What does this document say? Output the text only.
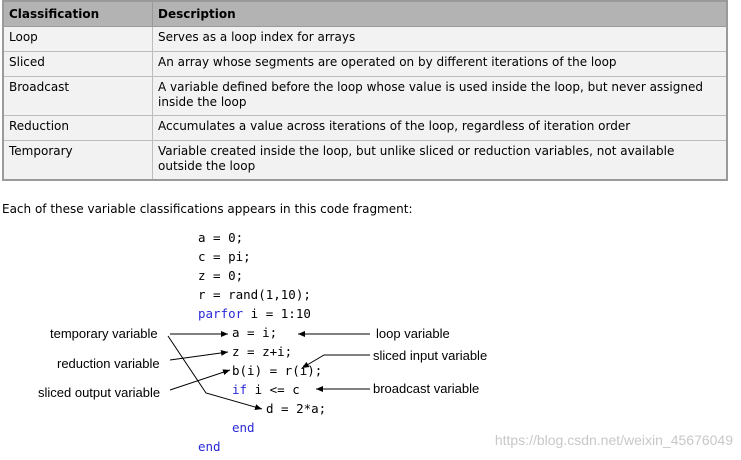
Classification	Description
Loop	Serves as a loop index for arrays
Sliced	An array whose segments are operated on by different iterations of the loop
Broadcast	A variable defined before the loop whose value is used inside the loop, but never assigned inside the loop
Reduction	Accumulates a value across iterations of the loop, regardless of iteration order
Temporary	Variable created inside the loop, but unlike sliced or reduction variables, not available outside the loop
Each of these variable classifications appears in this code fragment:
a = 0;
c = pi;
z = 0;
r = rand(1,10);
parfor i = 1:10
a = i;
z = z+i;
b(i) = r(i);
if i <= c
d = 2*a;
end
end
temporary variable
reduction variable
sliced output variable
loop variable
sliced input variable
broadcast variable
https://blog.csdn.net/weixin_45676049
